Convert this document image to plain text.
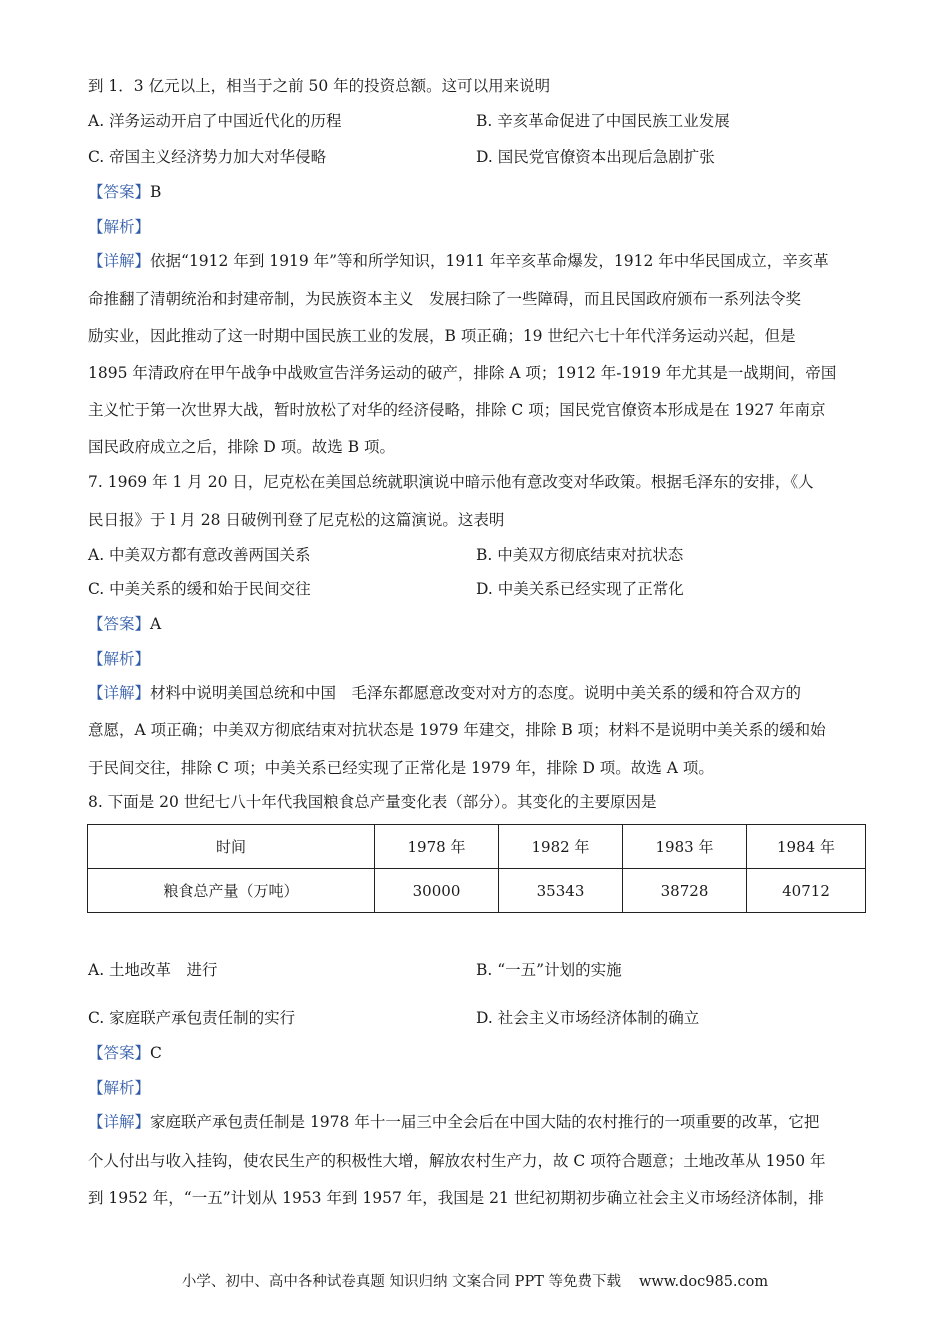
到 1．3 亿元以上，相当于之前 50 年的投资总额。这可以用来说明
A. 洋务运动开启了中国近代化的历程	B. 辛亥革命促进了中国民族工业发展
C. 帝国主义经济势力加大对华侵略	D. 国民党官僚资本出现后急剧扩张
【答案】B
【解析】
【详解】依据“1912 年到 1919 年”等和所学知识，1911 年辛亥革命爆发，1912 年中华民国成立，辛亥革
命推翻了清朝统治和封建帝制，为民族资本主义　发展扫除了一些障碍，而且民国政府颁布一系列法令奖
励实业，因此推动了这一时期中国民族工业的发展，B 项正确；19 世纪六七十年代洋务运动兴起，但是
1895 年清政府在甲午战争中战败宣告洋务运动的破产，排除 A 项；1912 年-1919 年尤其是一战期间，帝国
主义忙于第一次世界大战，暂时放松了对华的经济侵略，排除 C 项；国民党官僚资本形成是在 1927 年南京
国民政府成立之后，排除 D 项。故选 B 项。
7. 1969 年 1 月 20 日，尼克松在美国总统就职演说中暗示他有意改变对华政策。根据毛泽东的安排，《人
民日报》于 l 月 28 日破例刊登了尼克松的这篇演说。这表明
A. 中美双方都有意改善两国关系	B. 中美双方彻底结束对抗状态
C. 中美关系的缓和始于民间交往	D. 中美关系已经实现了正常化
【答案】A
【解析】
【详解】材料中说明美国总统和中国　毛泽东都愿意改变对对方的态度。说明中美关系的缓和符合双方的
意愿，A 项正确；中美双方彻底结束对抗状态是 1979 年建交，排除 B 项；材料不是说明中美关系的缓和始
于民间交往，排除 C 项；中美关系已经实现了正常化是 1979 年，排除 D 项。故选 A 项。
8. 下面是 20 世纪七八十年代我国粮食总产量变化表（部分）。其变化的主要原因是
时间	1978 年	1982 年	1983 年	1984 年
粮食总产量（万吨）	30000	35343	38728	40712
A. 土地改革　进行	B. “一五”计划的实施
C. 家庭联产承包责任制的实行	D. 社会主义市场经济体制的确立
【答案】C
【解析】
【详解】家庭联产承包责任制是 1978 年十一届三中全会后在中国大陆的农村推行的一项重要的改革，它把
个人付出与收入挂钩，使农民生产的积极性大增，解放农村生产力，故 C 项符合题意；土地改革从 1950 年
到 1952 年，“一五”计划从 1953 年到 1957 年，我国是 21 世纪初期初步确立社会主义市场经济体制，排
小学、初中、高中各种试卷真题 知识归纳 文案合同 PPT 等免费下载 www.doc985.com
